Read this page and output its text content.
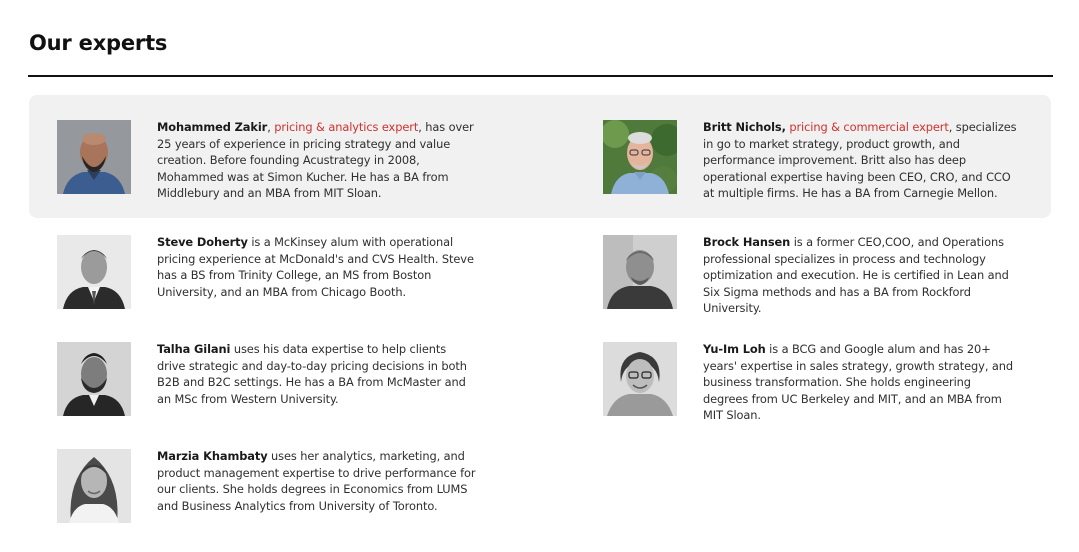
Our experts

Mohammed Zakir, pricing & analytics expert, has over 25 years of experience in pricing strategy and value creation. Before founding Acustrategy in 2008, Mohammed was at Simon Kucher. He has a BA from Middlebury and an MBA from MIT Sloan.

Britt Nichols, pricing & commercial expert, specializes in go to market strategy, product growth, and performance improvement. Britt also has deep operational expertise having been CEO, CRO, and CCO at multiple firms. He has a BA from Carnegie Mellon.

Steve Doherty is a McKinsey alum with operational pricing experience at McDonald's and CVS Health. Steve has a BS from Trinity College, an MS from Boston University, and an MBA from Chicago Booth.

Brock Hansen is a former CEO,COO, and Operations professional specializes in process and technology optimization and execution. He is certified in Lean and Six Sigma methods and has a BA from Rockford University.

Talha Gilani uses his data expertise to help clients drive strategic and day-to-day pricing decisions in both B2B and B2C settings. He has a BA from McMaster and an MSc from Western University.

Yu-Im Loh is a BCG and Google alum and has 20+ years' expertise in sales strategy, growth strategy, and business transformation. She holds engineering degrees from UC Berkeley and MIT, and an MBA from MIT Sloan.

Marzia Khambaty uses her analytics, marketing, and product management expertise to drive performance for our clients. She holds degrees in Economics from LUMS and Business Analytics from University of Toronto.
